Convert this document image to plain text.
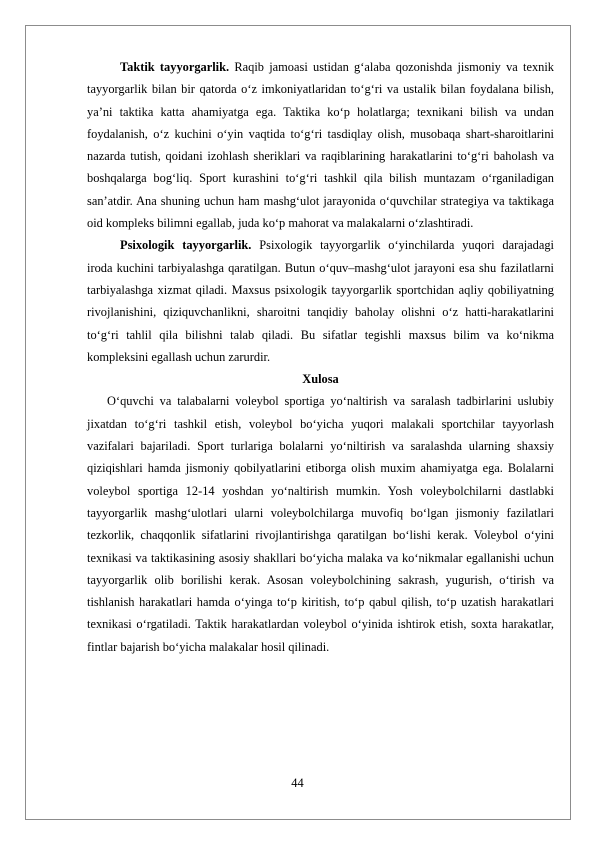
Taktik tayyorgarlik. Raqib jamoasi ustidan g‘alaba qozonishda jismoniy va texnik tayyorgarlik bilan bir qatorda o‘z imkoniyatlaridan to‘g‘ri va ustalik bilan foydalana bilish, ya’ni taktika katta ahamiyatga ega. Taktika ko‘p holatlarga; texnikani bilish va undan foydalanish, o‘z kuchini o‘yin vaqtida to‘g‘ri tasdiqlay olish, musobaqa shart-sharoitlarini nazarda tutish, qoidani izohlash sheriklari va raqiblarining harakatlarini to‘g‘ri baholash va boshqalarga bog‘liq. Sport kurashini to‘g‘ri tashkil qila bilish muntazam o‘rganiladigan san’atdir. Ana shuning uchun ham mashg‘ulot jarayonida o‘quvchilar strategiya va taktikaga oid kompleks bilimni egallab, juda ko‘p mahorat va malakalarni o‘zlashtiradi.

Psixologik tayyorgarlik. Psixologik tayyorgarlik o‘yinchilarda yuqori darajadagi iroda kuchini tarbiyalashga qaratilgan. Butun o‘quv–mashg‘ulot jarayoni esa shu fazilatlarni tarbiyalashga xizmat qiladi. Maxsus psixologik tayyorgarlik sportchidan aqliy qobiliyatning rivojlanishini, qiziquvchanlikni, sharoitni tanqidiy baholay olishni o‘z hatti-harakatlarini to‘g‘ri tahlil qila bilishni talab qiladi. Bu sifatlar tegishli maxsus bilim va ko‘nikma kompleksini egallash uchun zarurdir.

Xulosa

O‘quvchi va talabalarni voleybol sportiga yo‘naltirish va saralash tadbirlarini uslubiy jixatdan to‘g‘ri tashkil etish, voleybol bo‘yicha yuqori malakali sportchilar tayyorlash vazifalari bajariladi. Sport turlariga bolalarni yo‘niltirish va saralashda ularning shaxsiy qiziqishlari hamda jismoniy qobilyatlarini etiborga olish muxim ahamiyatga ega. Bolalarni voleybol sportiga 12-14 yoshdan yo‘naltirish mumkin. Yosh voleybolchilarni dastlabki tayyorgarlik mashg‘ulotlari ularni voleybolchilarga muvofiq bo‘lgan jismoniy fazilatlari tezkorlik, chaqqonlik sifatlarini rivojlantirishga qaratilgan bo‘lishi kerak. Voleybol o‘yini texnikasi va taktikasining asosiy shakllari bo‘yicha malaka va ko‘nikmalar egallanishi uchun tayyorgarlik olib borilishi kerak. Asosan voleybolchining sakrash, yugurish, o‘tirish va tishlanish harakatlari hamda o‘yinga to‘p kiritish, to‘p qabul qilish, to‘p uzatish harakatlari texnikasi o‘rgatiladi. Taktik harakatlardan voleybol o‘yinida ishtirok etish, soxta harakatlar, fintlar bajarish bo‘yicha malakalar hosil qilinadi.

44
